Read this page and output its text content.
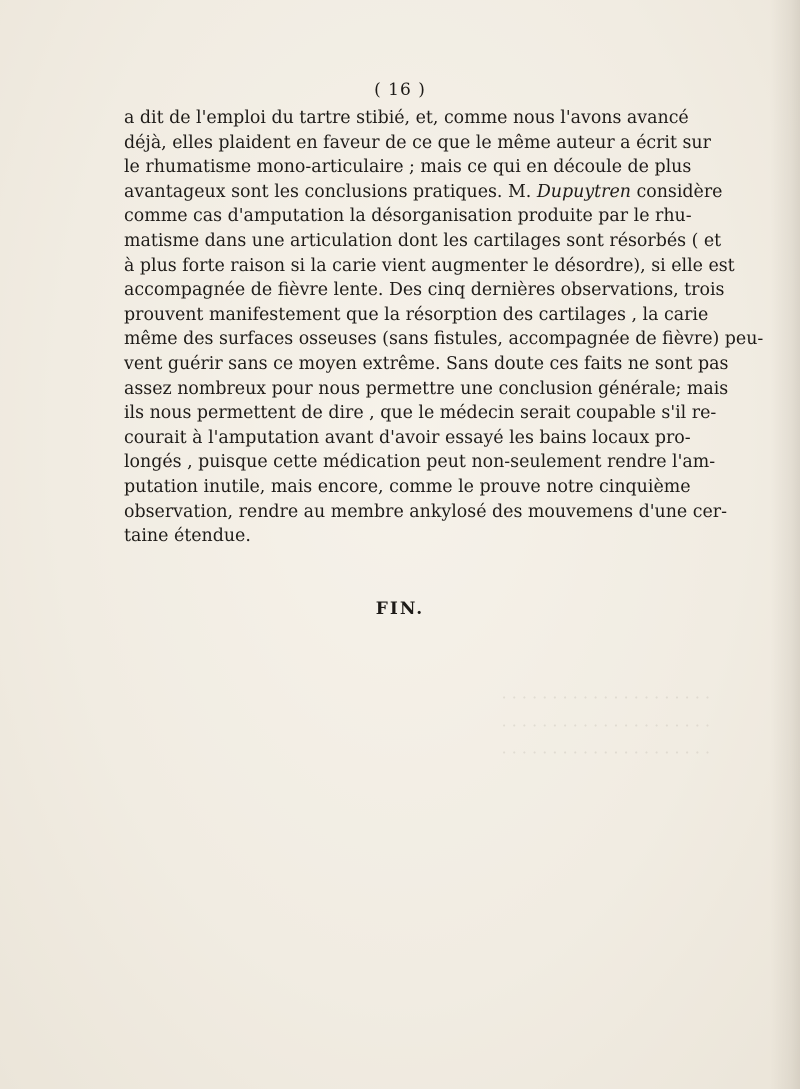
· · · · · · · · · · · · · · · · · · · · ·
· · · · · · · · · · · · · · · · · · · · ·
· · · · · · · · · · · · · · · · · · · · ·
( 16 )
a dit de l'emploi du tartre stibié, et, comme nous l'avons avancé
déjà, elles plaident en faveur de ce que le même auteur a écrit sur
le rhumatisme mono-articulaire ; mais ce qui en découle de plus
avantageux sont les conclusions pratiques. M. Dupuytren considère
comme cas d'amputation la désorganisation produite par le rhu-
matisme dans une articulation dont les cartilages sont résorbés ( et
à plus forte raison si la carie vient augmenter le désordre), si elle est
accompagnée de fièvre lente. Des cinq dernières observations, trois
prouvent manifestement que la résorption des cartilages , la carie
même des surfaces osseuses (sans fistules, accompagnée de fièvre) peu-
vent guérir sans ce moyen extrême. Sans doute ces faits ne sont pas
assez nombreux pour nous permettre une conclusion générale; mais
ils nous permettent de dire , que le médecin serait coupable s'il re-
courait à l'amputation avant d'avoir essayé les bains locaux pro-
longés , puisque cette médication peut non-seulement rendre l'am-
putation inutile, mais encore, comme le prouve notre cinquième
observation, rendre au membre ankylosé des mouvemens d'une cer-
taine étendue.
FIN.
